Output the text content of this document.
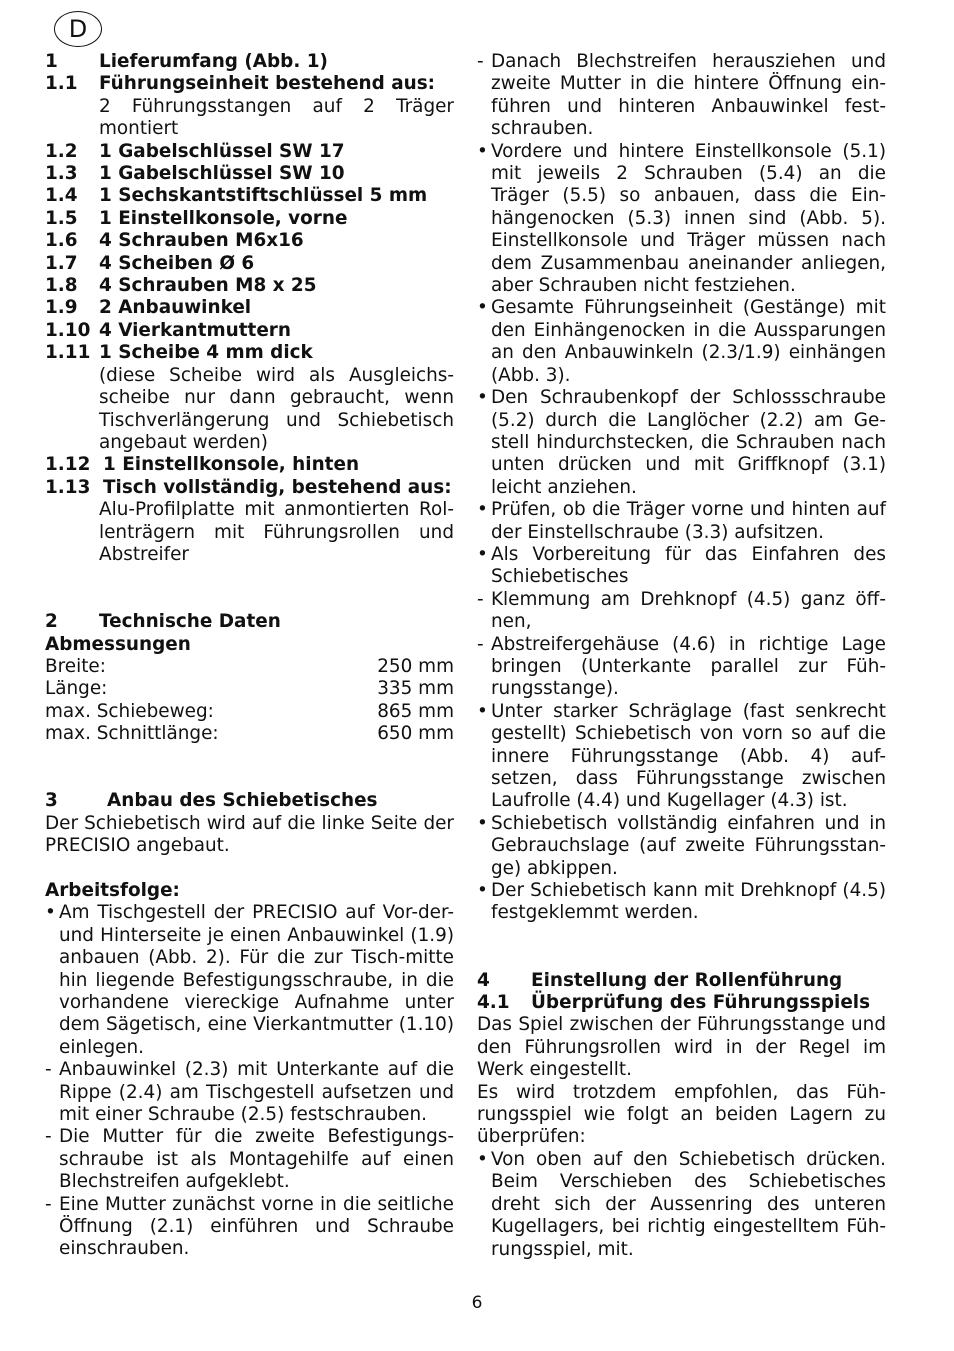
D
1	Lieferumfang (Abb. 1)
1.1	Führungseinheit bestehend aus:
2 Führungsstangen auf 2 Träger montiert
1.2	1 Gabelschlüssel SW 17
1.3	1 Gabelschlüssel SW 10
1.4	1 Sechskantstiftschlüssel 5 mm
1.5	1 Einstellkonsole, vorne
1.6	4 Schrauben M6x16
1.7	4 Scheiben Ø 6
1.8	4 Schrauben M8 x 25
1.9	2 Anbauwinkel
1.10 4 Vierkantmuttern
1.11 1 Scheibe 4 mm dick
(diese Scheibe wird als Ausgleichs-scheibe nur dann gebraucht, wenn Tischverlängerung und Schiebetisch angebaut werden)
1.12 1 Einstellkonsole, hinten
1.13 Tisch vollständig, bestehend aus:
Alu-Profilplatte mit anmontierten Rol-lenträgern mit Führungsrollen und Abstreifer
2	Technische Daten
Abmessungen
Breite:	250 mm
Länge:	335 mm
max. Schiebeweg:	865 mm
max. Schnittlänge:	650 mm
3	Anbau des Schiebetisches
Der Schiebetisch wird auf die linke Seite der PRECISIO angebaut.
Arbeitsfolge:
• Am Tischgestell der PRECISIO auf Vor-der- und Hinterseite je einen Anbauwinkel (1.9) anbauen (Abb. 2). Für die zur Tisch-mitte hin liegende Befestigungsschraube, in die vorhandene viereckige Aufnahme unter dem Sägetisch, eine Vierkantmutter (1.10) einlegen.
- Anbauwinkel (2.3) mit Unterkante auf die Rippe (2.4) am Tischgestell aufsetzen und mit einer Schraube (2.5) festschrauben.
- Die Mutter für die zweite Befestigungs-schraube ist als Montagehilfe auf einen Blechstreifen aufgeklebt.
- Eine Mutter zunächst vorne in die seitliche Öffnung (2.1) einführen und Schraube einschrauben.
- Danach Blechstreifen herausziehen und zweite Mutter in die hintere Öffnung ein-führen und hinteren Anbauwinkel fest-schrauben.
• Vordere und hintere Einstellkonsole (5.1) mit jeweils 2 Schrauben (5.4) an die Träger (5.5) so anbauen, dass die Ein-hängenocken (5.3) innen sind (Abb. 5). Einstellkonsole und Träger müssen nach dem Zusammenbau aneinander anliegen, aber Schrauben nicht festziehen.
• Gesamte Führungseinheit (Gestänge) mit den Einhängenocken in die Aussparungen an den Anbauwinkeln (2.3/1.9) einhängen (Abb. 3).
• Den Schraubenkopf der Schlossschraube (5.2) durch die Langlöcher (2.2) am Ge-stell hindurchstecken, die Schrauben nach unten drücken und mit Griffknopf (3.1) leicht anziehen.
• Prüfen, ob die Träger vorne und hinten auf der Einstellschraube (3.3) aufsitzen.
• Als Vorbereitung für das Einfahren des Schiebetisches
- Klemmung am Drehknopf (4.5) ganz öff-nen,
- Abstreifergehäuse (4.6) in richtige Lage bringen (Unterkante parallel zur Füh-rungsstange).
• Unter starker Schräglage (fast senkrecht gestellt) Schiebetisch von vorn so auf die innere Führungsstange (Abb. 4) auf-setzen, dass Führungsstange zwischen Laufrolle (4.4) und Kugellager (4.3) ist.
• Schiebetisch vollständig einfahren und in Gebrauchslage (auf zweite Führungsstan-ge) abkippen.
• Der Schiebetisch kann mit Drehknopf (4.5) festgeklemmt werden.
4	Einstellung der Rollenführung
4.1	Überprüfung des Führungsspiels
Das Spiel zwischen der Führungsstange und den Führungsrollen wird in der Regel im Werk eingestellt.
Es wird trotzdem empfohlen, das Füh-rungsspiel wie folgt an beiden Lagern zu überprüfen:
• Von oben auf den Schiebetisch drücken. Beim Verschieben des Schiebetisches dreht sich der Aussenring des unteren Kugellagers, bei richtig eingestelltem Füh-rungsspiel, mit.
6
